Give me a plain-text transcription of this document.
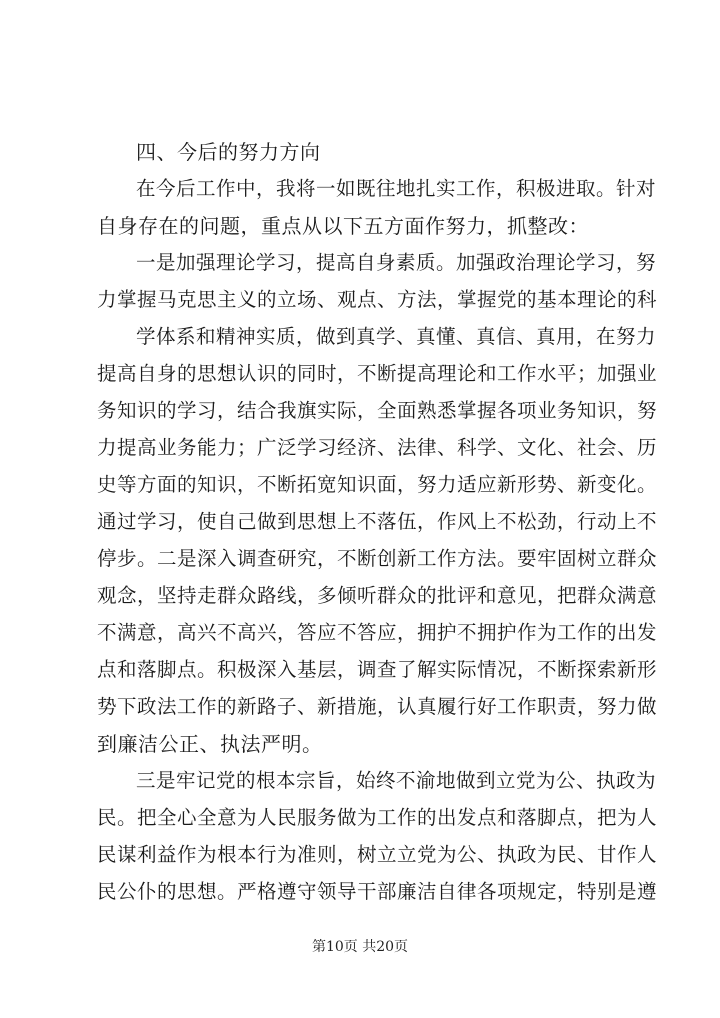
四、今后的努力方向
在今后工作中，我将一如既往地扎实工作，积极进取。针对
自身存在的问题，重点从以下五方面作努力，抓整改：
一是加强理论学习，提高自身素质。加强政治理论学习，努
力掌握马克思主义的立场、观点、方法，掌握党的基本理论的科
学体系和精神实质，做到真学、真懂、真信、真用，在努力
提高自身的思想认识的同时，不断提高理论和工作水平；加强业
务知识的学习，结合我旗实际，全面熟悉掌握各项业务知识，努
力提高业务能力；广泛学习经济、法律、科学、文化、社会、历
史等方面的知识，不断拓宽知识面，努力适应新形势、新变化。
通过学习，使自己做到思想上不落伍，作风上不松劲，行动上不
停步。二是深入调查研究，不断创新工作方法。要牢固树立群众
观念，坚持走群众路线，多倾听群众的批评和意见，把群众满意
不满意，高兴不高兴，答应不答应，拥护不拥护作为工作的出发
点和落脚点。积极深入基层，调查了解实际情况，不断探索新形
势下政法工作的新路子、新措施，认真履行好工作职责，努力做
到廉洁公正、执法严明。
三是牢记党的根本宗旨，始终不渝地做到立党为公、执政为
民。把全心全意为人民服务做为工作的出发点和落脚点，把为人
民谋利益作为根本行为准则，树立立党为公、执政为民、甘作人
民公仆的思想。严格遵守领导干部廉洁自律各项规定，特别是遵
第10页 共20页
